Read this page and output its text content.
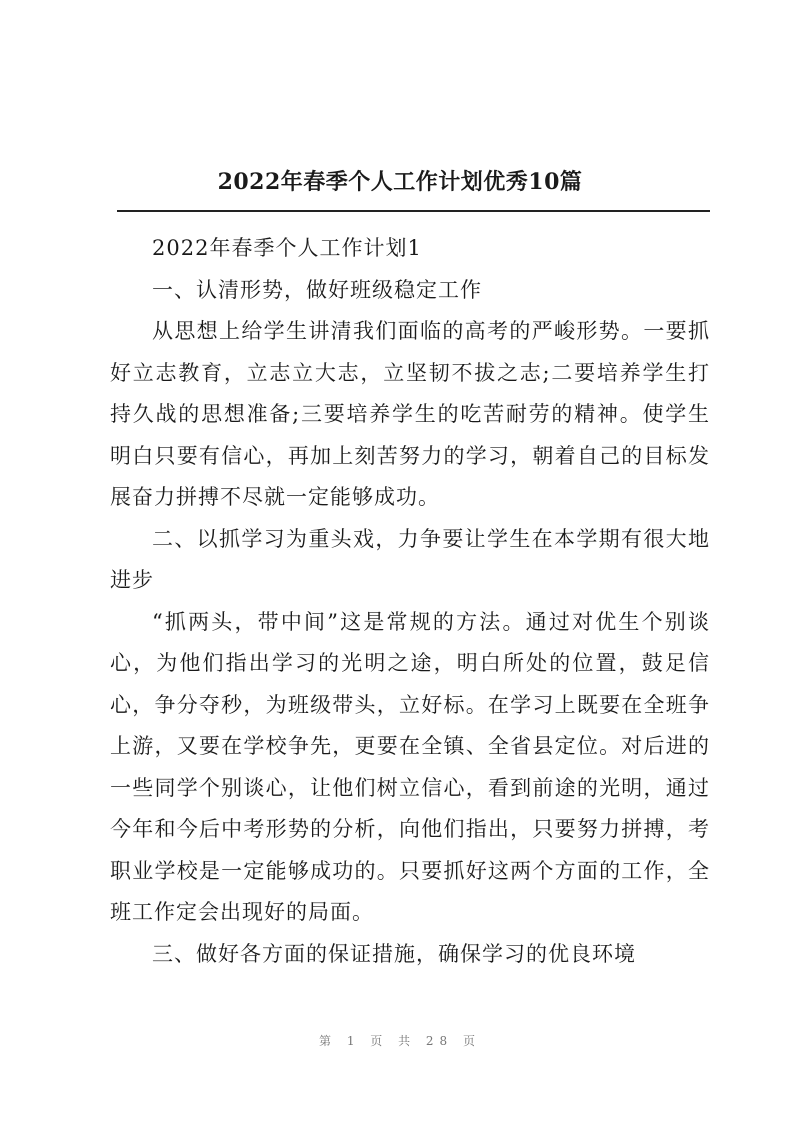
2022年春季个人工作计划优秀10篇

2022年春季个人工作计划1

一、认清形势，做好班级稳定工作

从思想上给学生讲清我们面临的高考的严峻形势。一要抓好立志教育，立志立大志，立坚韧不拔之志;二要培养学生打持久战的思想准备;三要培养学生的吃苦耐劳的精神。使学生明白只要有信心，再加上刻苦努力的学习，朝着自己的目标发展奋力拼搏不尽就一定能够成功。

二、以抓学习为重头戏，力争要让学生在本学期有很大地进步

“抓两头，带中间”这是常规的方法。通过对优生个别谈心，为他们指出学习的光明之途，明白所处的位置，鼓足信心，争分夺秒，为班级带头，立好标。在学习上既要在全班争上游，又要在学校争先，更要在全镇、全省县定位。对后进的一些同学个别谈心，让他们树立信心，看到前途的光明，通过今年和今后中考形势的分析，向他们指出，只要努力拼搏，考职业学校是一定能够成功的。只要抓好这两个方面的工作，全班工作定会出现好的局面。

三、做好各方面的保证措施，确保学习的优良环境

第 1 页 共 28 页
